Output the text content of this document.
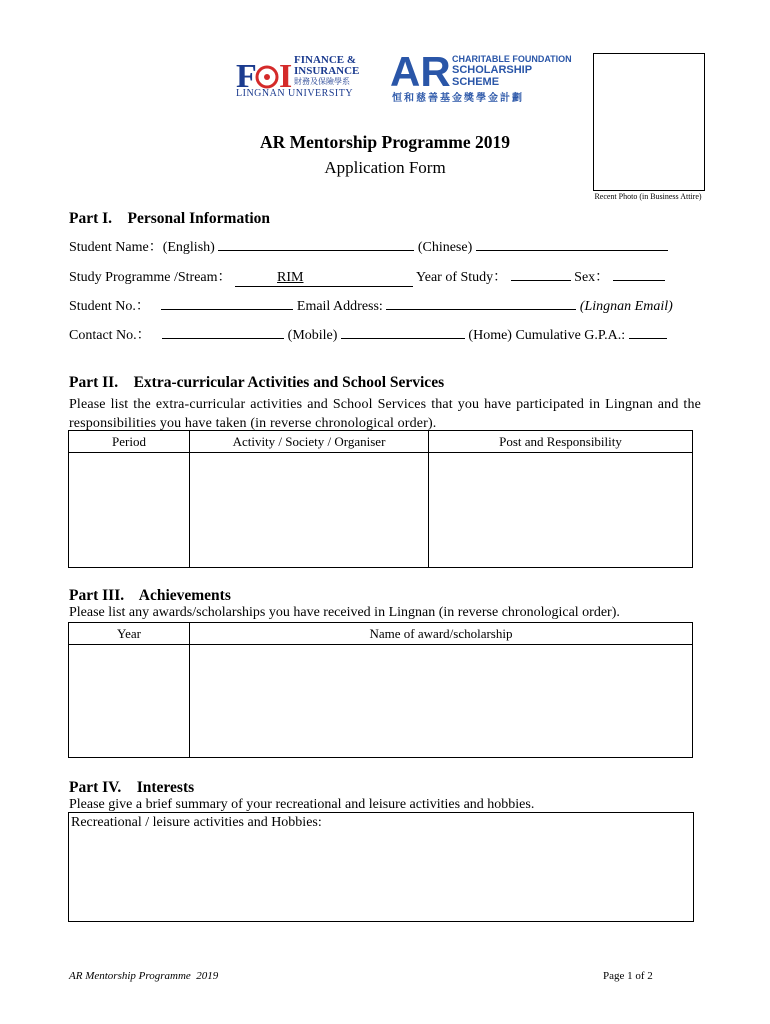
F I FINANCE &
INSURANCE
財務及保險學系
LINGNAN UNIVERSITY AR CHARITABLE FOUNDATION
SCHOLARSHIP
SCHEME
恒和慈善基金獎學金計劃
Recent Photo (in Business Attire)
AR Mentorship Programme 2019
Application Form
Part I.    Personal Information
Student Name：(English)	(Chinese)
Study Programme /Stream：	RIM	Year of Study：	Sex：
Student No.：	Email Address:	(Lingnan Email)
Contact No.：	(Mobile)	(Home) Cumulative G.P.A.:
Part II.    Extra-curricular Activities and School Services
Please list the extra-curricular activities and School Services that you have participated in Lingnan and the responsibilities you have taken (in reverse chronological order).
Period	Activity / Society / Organiser	Post and Responsibility

Part III.    Achievements
Please list any awards/scholarships you have received in Lingnan (in reverse chronological order).
Year	Name of award/scholarship

Part IV.    Interests
Please give a brief summary of your recreational and leisure activities and hobbies.
Recreational / leisure activities and Hobbies:
AR Mentorship Programme  2019	Page 1 of 2
